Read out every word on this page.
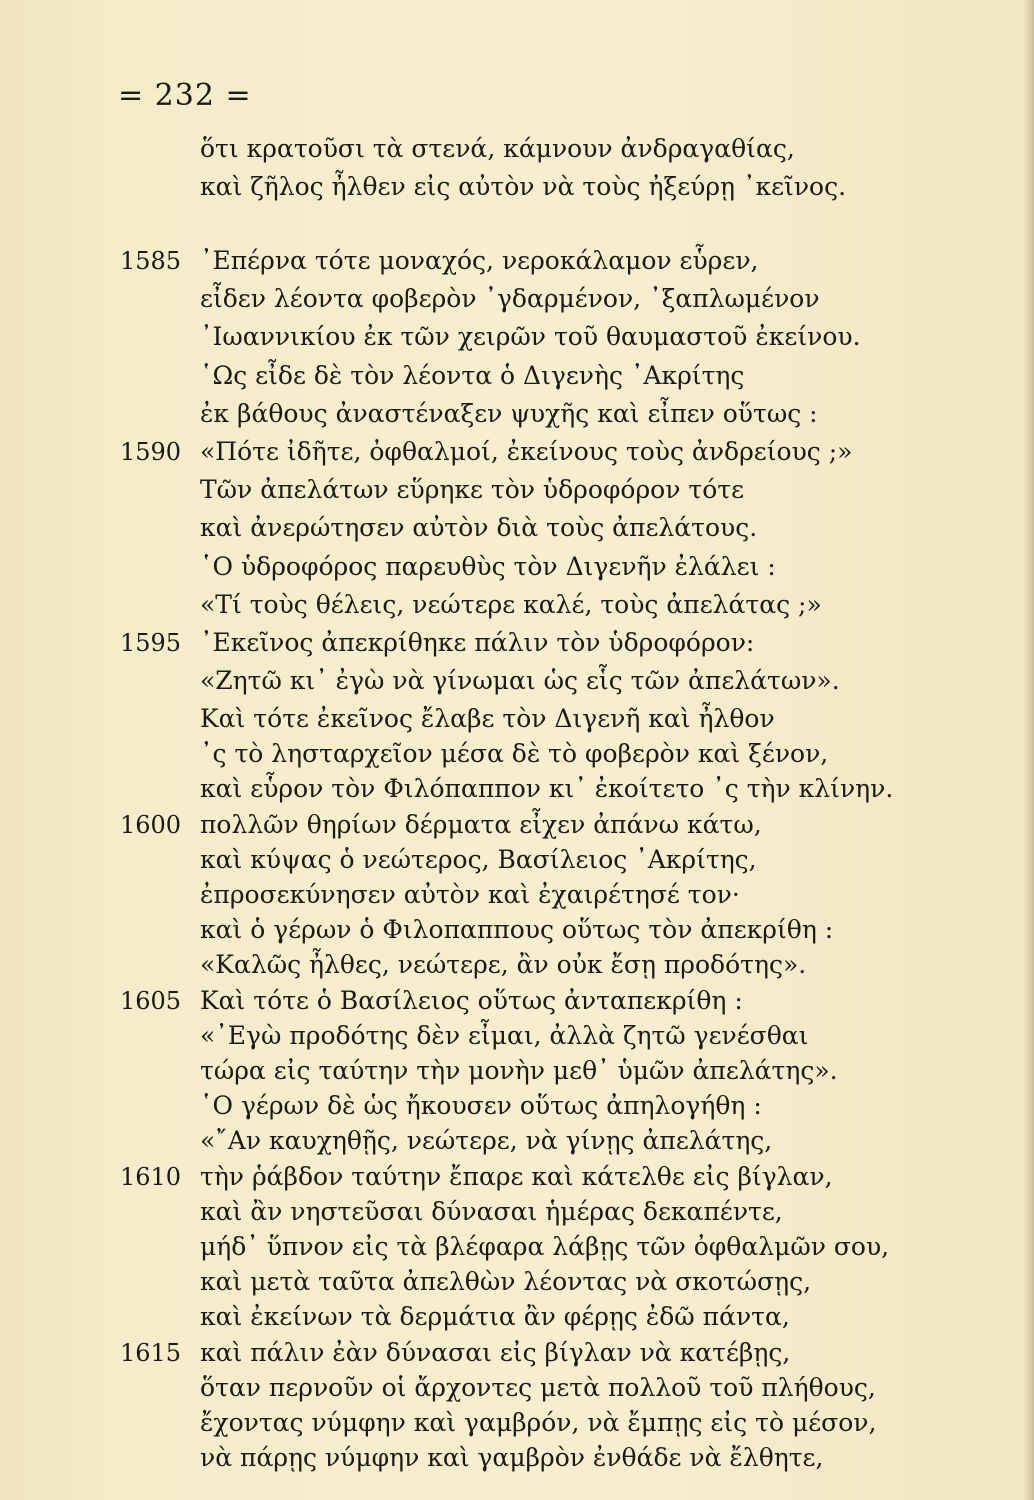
= 232 =
ὅτι κρατοῦσι τὰ στενά, κάμνουν ἀνδραγαθίας,
καὶ ζῆλος ἦλθεν εἰς αὐτὸν νὰ τοὺς ἠξεύρῃ ᾿κεῖνος.
1585 ᾿Επέρνα τότε μοναχός, νεροκάλαμον εὗρεν,
εἶδεν λέοντα φοβερὸν ᾿γδαρμένον, ᾿ξαπλωμένον
᾿Ιωαννικίου ἐκ τῶν χειρῶν τοῦ θαυμαστοῦ ἐκείνου.
῾Ως εἶδε δὲ τὸν λέοντα ὁ Διγενὴς ᾿Ακρίτης
ἐκ βάθους ἀναστέναξεν ψυχῆς καὶ εἶπεν οὕτως :
1590 «Πότε ἰδῆτε, ὀφθαλμοί, ἐκείνους τοὺς ἀνδρείους ;»
Τῶν ἀπελάτων εὕρηκε τὸν ὑδροφόρον τότε
καὶ ἀνερώτησεν αὐτὸν διὰ τοὺς ἀπελάτους.
῾Ο ὑδροφόρος παρευθὺς τὸν Διγενῆν ἐλάλει :
«Τί τοὺς θέλεις, νεώτερε καλέ, τοὺς ἀπελάτας ;»
1595 ᾿Εκεῖνος ἀπεκρίθηκε πάλιν τὸν ὑδροφόρον:
«Ζητῶ κι᾿ ἐγὼ νὰ γίνωμαι ὡς εἷς τῶν ἀπελάτων».
Καὶ τότε ἐκεῖνος ἔλαβε τὸν Διγενῆ καὶ ἦλθον
᾿ς τὸ λησταρχεῖον μέσα δὲ τὸ φοβερὸν καὶ ξένον,
καὶ εὗρον τὸν Φιλόπαππον κι᾿ ἐκοίτετο ᾿ς τὴν κλίνην.
1600 πολλῶν θηρίων δέρματα εἶχεν ἀπάνω κάτω,
καὶ κύψας ὁ νεώτερος, Βασίλειος ᾿Ακρίτης,
ἐπροσεκύνησεν αὐτὸν καὶ ἐχαιρέτησέ τον·
καὶ ὁ γέρων ὁ Φιλοπαππους οὕτως τὸν ἀπεκρίθη :
«Καλῶς ἦλθες, νεώτερε, ἂν οὐκ ἔσῃ προδότης».
1605 Καὶ τότε ὁ Βασίλειος οὕτως ἀνταπεκρίθη :
«᾿Εγὼ προδότης δὲν εἶμαι, ἀλλὰ ζητῶ γενέσθαι
τώρα εἰς ταύτην τὴν μονὴν μεθ᾿ ὑμῶν ἀπελάτης».
῾Ο γέρων δὲ ὡς ἤκουσεν οὕτως ἀπηλογήθη :
«῎Αν καυχηθῇς, νεώτερε, νὰ γίνῃς ἀπελάτης,
1610 τὴν ῥάβδον ταύτην ἔπαρε καὶ κάτελθε εἰς βίγλαν,
καὶ ἂν νηστεῦσαι δύνασαι ἡμέρας δεκαπέντε,
μήδ᾿ ὕπνον εἰς τὰ βλέφαρα λάβῃς τῶν ὀφθαλμῶν σου,
καὶ μετὰ ταῦτα ἀπελθὼν λέοντας νὰ σκοτώσῃς,
καὶ ἐκείνων τὰ δερμάτια ἂν φέρῃς ἐδῶ πάντα,
1615 καὶ πάλιν ἐὰν δύνασαι εἰς βίγλαν νὰ κατέβῃς,
ὅταν περνοῦν οἱ ἄρχοντες μετὰ πολλοῦ τοῦ πλήθους,
ἔχοντας νύμφην καὶ γαμβρόν, νὰ ἔμπῃς εἰς τὸ μέσον,
νὰ πάρῃς νύμφην καὶ γαμβρὸν ἐνθάδε νὰ ἔλθητε,
